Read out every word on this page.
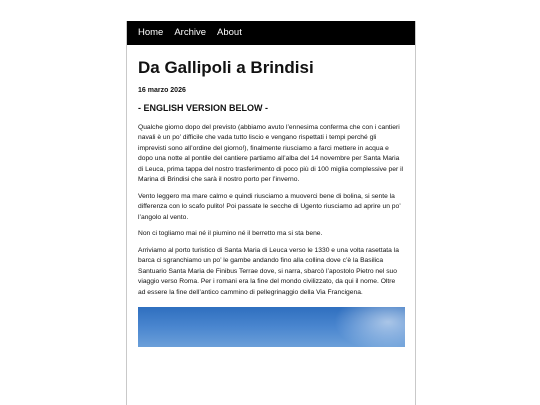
Home Archive About
Da Gallipoli a Brindisi
16 marzo 2026
- ENGLISH VERSION BELOW -

Qualche giorno dopo del previsto (abbiamo avuto l’ennesima conferma che con i cantieri navali è un po’ difficile che vada tutto liscio e vengano rispettati i tempi perché gli imprevisti sono all’ordine del giorno!), finalmente riusciamo a farci mettere in acqua e dopo una notte al pontile del cantiere partiamo all’alba del 14 novembre per Santa Maria di Leuca, prima tappa del nostro trasferimento di poco più di 100 miglia complessive per il Marina di Brindisi che sarà il nostro porto per l’inverno.

Vento leggero ma mare calmo e quindi riusciamo a muoverci bene di bolina, si sente la differenza con lo scafo pulito! Poi passate le secche di Ugento riusciamo ad aprire un po’ l’angolo al vento.

Non ci togliamo mai né il piumino né il berretto ma si sta bene.

Arriviamo al porto turistico di Santa Maria di Leuca verso le 1330 e una volta rasettata la barca ci sgranchiamo un po’ le gambe andando fino alla collina dove c’è la Basilica Santuario Santa Maria de Finibus Terrae dove, si narra, sbarcò l’apostolo Pietro nel suo viaggio verso Roma. Per i romani era la fine del mondo civilizzato, da qui il nome. Oltre ad essere la fine dell’antico cammino di pellegrinaggio della Via Francigena.
